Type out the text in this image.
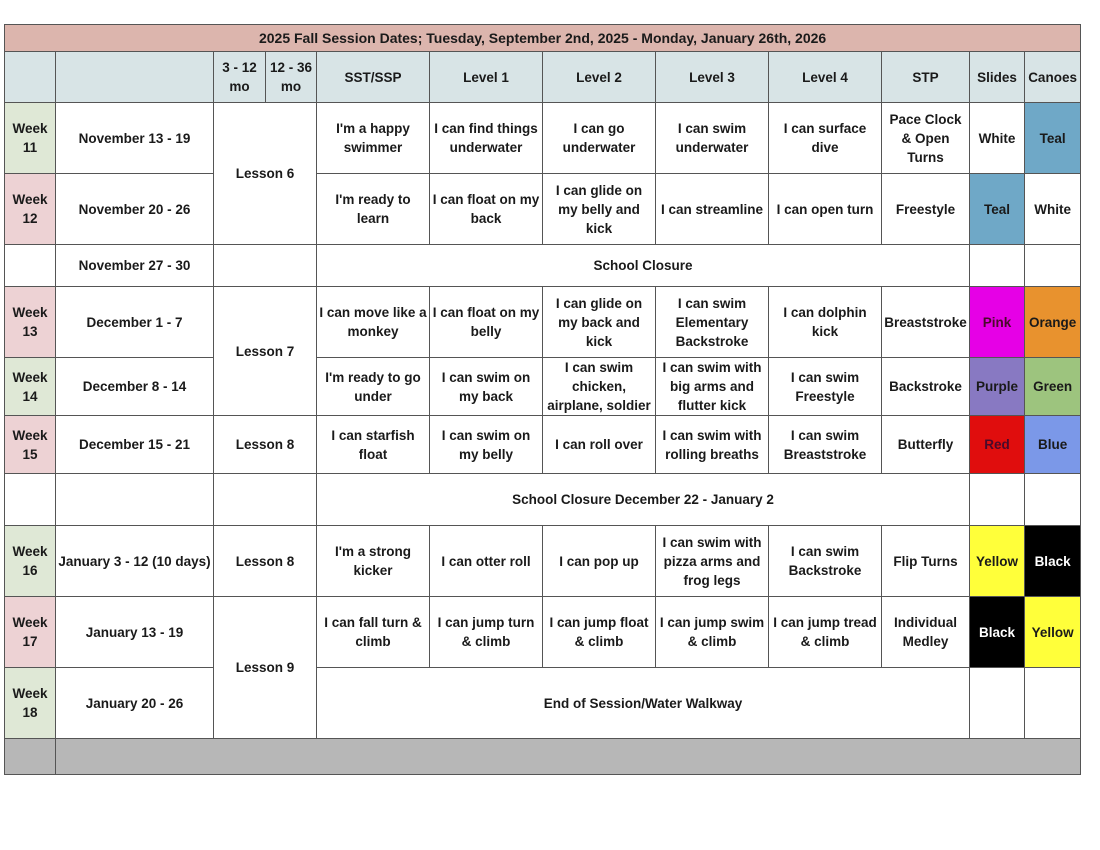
2025 Fall Session Dates; Tuesday, September 2nd, 2025 - Monday, January 26th, 2026											
		3 - 12 mo	12 - 36 mo	SST/SSP	Level 1	Level 2	Level 3	Level 4	STP	Slides	Canoes
Week 11	November 13 - 19	Lesson 6		I'm a happy swimmer	I can find things underwater	I can go underwater	I can swim underwater	I can surface dive	Pace Clock & Open Turns	White	Teal
Week 12	November 20 - 26			I'm ready to learn	I can float on my back	I can glide on my belly and kick	I can streamline	I can open turn	Freestyle	Teal	White
	November 27 - 30			School Closure							
Week 13	December 1 - 7	Lesson 7		I can move like a monkey	I can float on my belly	I can glide on my back and kick	I can swim Elementary Backstroke	I can dolphin kick	Breaststroke	Pink	Orange
Week 14	December 8 - 14			I'm ready to go under	I can swim on my back	I can swim chicken, airplane, soldier	I can swim with big arms and flutter kick	I can swim Freestyle	Backstroke	Purple	Green
Week 15	December 15 - 21	Lesson 8		I can starfish float	I can swim on my belly	I can roll over	I can swim with rolling breaths	I can swim Breaststroke	Butterfly	Red	Blue
				School Closure December 22 - January 2							
Week 16	January 3 - 12 (10 days)	Lesson 8		I'm a strong kicker	I can otter roll	I can pop up	I can swim with pizza arms and frog legs	I can swim Backstroke	Flip Turns	Yellow	Black
Week 17	January 13 - 19	Lesson 9		I can fall turn & climb	I can jump turn & climb	I can jump float & climb	I can jump swim & climb	I can jump tread & climb	Individual Medley	Black	Yellow
Week 18	January 20 - 26			End of Session/Water Walkway							
